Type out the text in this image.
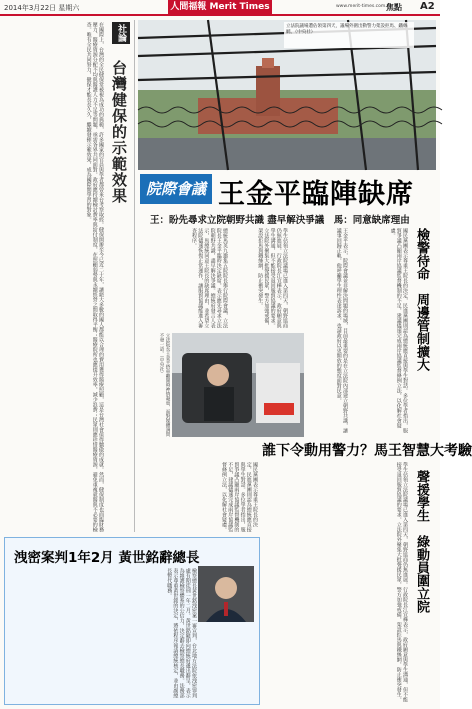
2014年3月22日 星期六	人間福報 Merit Times	www.merit-times.com.tw
焦點 A2
在國際上，台灣的全民健保常被視為成功的典範，許多國家的官員與學者都曾來台考察取經。健保開辦至今已近二十年，讓絕大多數的國人都能以合理的費用獲得醫療照顧，這是台灣社會值得驕傲的成就。然而，健保制度也面臨財務壓力、醫療資源分配不均與醫護人力不足等問題，亟需各界共同面對。政府應持續檢討費率與給付制度，在照顧弱勢與永續經營之間取得平衡；醫療院所也應提升效率，減少浪費；民眾則應珍惜醫療資源，避免重複就醫與不必要的檢查。唯有全民共同努力，健保才能長長久久，繼續發揮示範效果，成為國際間學習的對象。	社論
台灣健保的示範效果
立法院議場遭佔領第四天，議場外圍出動警力架設拒馬、鐵絲網。（中央社）
院際會議 王金平臨陣缺席
王：盼先尋求立院朝野共識 盡早解決爭議　馬：同意缺席理由
總統馬英九邀集五院院長舉行院際會議，立法院長王金平臨時決定缺席，表示應先尋求立法院朝野共識，盡早解決爭議。總統府發言人表示，馬總統同意王院長的缺席理由，並希望立法院儘速恢復正常運作，讓服貿協議能進入審查程序。	學生佔領立法院議場已進入第四天，朝野協商仍無進展。行政院長江宜樺表示，政府願意與學生溝通，但不能接受退回服貿協議的要求。立法院外聚集大批聲援民眾，警方加強戒備，架設拒馬與鐵絲網，防止衝突發生。	王金平表示，院際會議並非解決問題的場域，目前最重要的是在立法院內部建立朝野共識，讓議事回歸正軌。他呼籲學生理性表達訴求，也請政府以更開放的態度面對民意。	國民黨團表示尊重王院長的決定，民進黨團則認為總統應直接與學生對話。多位學者指出，服貿爭議凸顯兩岸協議監督機制的不足，建議儘速完成兩岸協議監督條例立法，以化解社會疑慮。	檢警待命　周邊管制擴大
聲援學生　綠動員圍立院
立法院長王金平搭車離開時神情凝重，面對媒體詢問不發一語。（中央社）
誰下令動用警力？馬王智慧大考驗
國民黨團表示尊重王院長的決定，民進黨團則認為總統應直接與學生對話。多位學者指出，服貿爭議凸顯兩岸協議監督機制的不足，建議儘速完成兩岸協議監督條例立法，以化解社會疑慮。	學生佔領立法院議場已進入第四天，朝野協商仍無進展。行政院長江宜樺表示，政府願意與學生溝通，但不能接受退回服貿協議的要求。立法院外聚集大批聲援民眾，警方加強戒備，架設拒馬與鐵絲網，防止衝突發生。
檢察總長黃世銘洩密案一審宣判，台北地方法院依洩密罪判處有期徒刑一年二月。黃世銘隨即向總統府遞出辭呈，表示為維護檢察體系的公信力，決定辭去檢察總長職務。法務部表示尊重黃世銘的決定，將依程序報請總統核定，並由副總長暫代職務。
洩密案判1年2月 黃世銘辭總長
